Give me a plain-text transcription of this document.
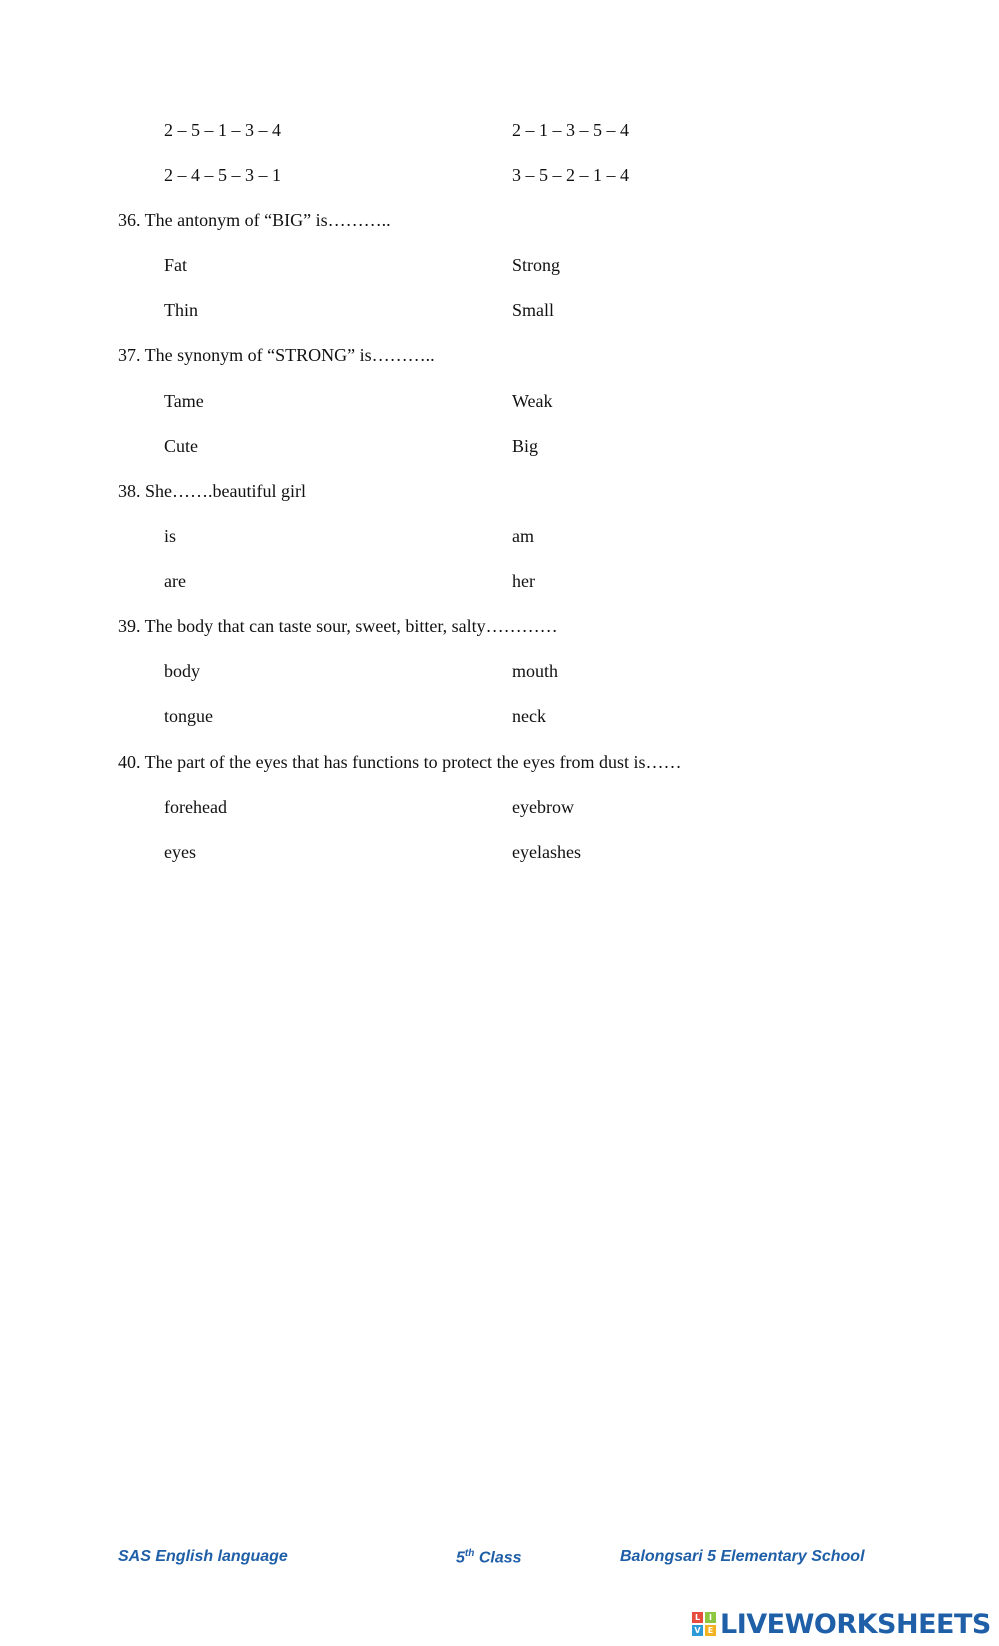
2 – 5 – 1 – 3 – 4	2 – 1 – 3 – 5 – 4
2 – 4 – 5 – 3 – 1	3 – 5 – 2 – 1 – 4
36. The antonym of “BIG” is………..
Fat	Strong
Thin	Small
37. The synonym of “STRONG” is………..
Tame	Weak
Cute	Big
38. She…….beautiful girl
is	am
are	her
39. The body that can taste sour, sweet, bitter, salty…………
body	mouth
tongue	neck
40. The part of the eyes that has functions to protect the eyes from dust is……
forehead	eyebrow
eyes	eyelashes
SAS English language	5th Class	Balongsari 5 Elementary School
L	I
V E LIVEWORKSHEETS
